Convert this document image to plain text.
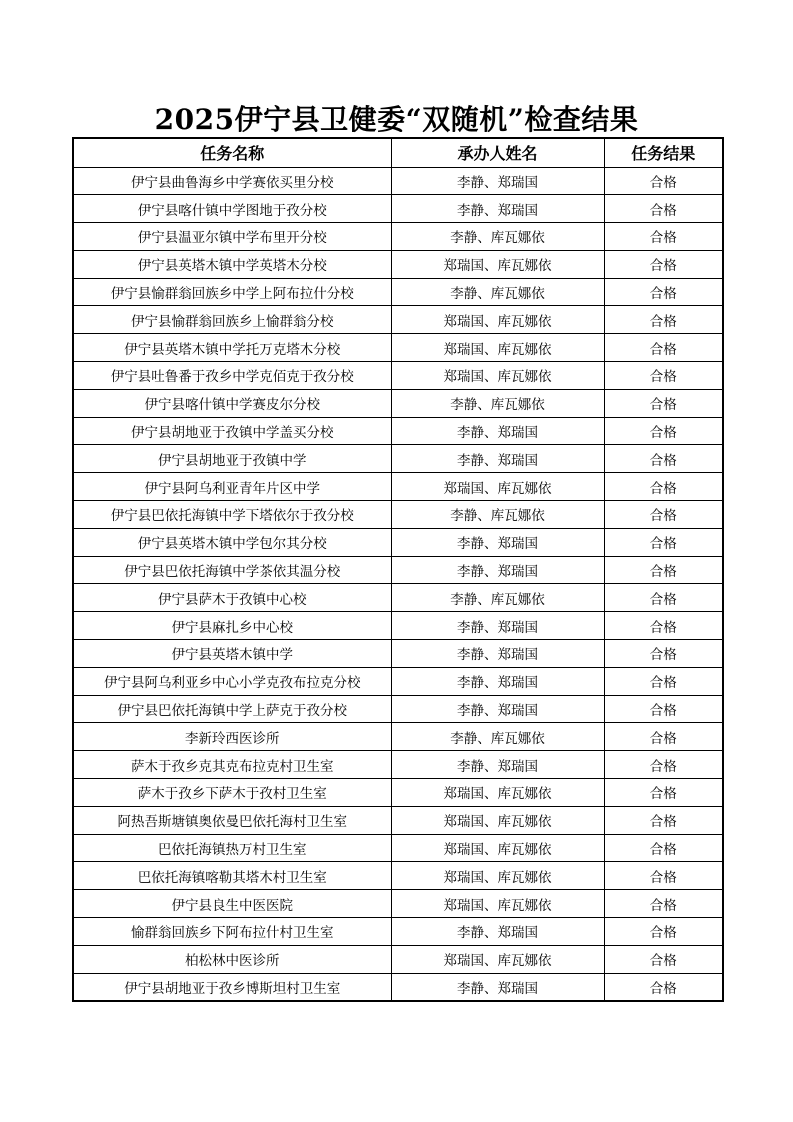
2025伊宁县卫健委“双随机”检查结果
任务名称	承办人姓名	任务结果
伊宁县曲鲁海乡中学赛依买里分校	李静、郑瑞国	合格
伊宁县喀什镇中学图地于孜分校	李静、郑瑞国	合格
伊宁县温亚尔镇中学布里开分校	李静、库瓦娜依	合格
伊宁县英塔木镇中学英塔木分校	郑瑞国、库瓦娜依	合格
伊宁县愉群翁回族乡中学上阿布拉什分校	李静、库瓦娜依	合格
伊宁县愉群翁回族乡上愉群翁分校	郑瑞国、库瓦娜依	合格
伊宁县英塔木镇中学托万克塔木分校	郑瑞国、库瓦娜依	合格
伊宁县吐鲁番于孜乡中学克佰克于孜分校	郑瑞国、库瓦娜依	合格
伊宁县喀什镇中学赛皮尔分校	李静、库瓦娜依	合格
伊宁县胡地亚于孜镇中学盖买分校	李静、郑瑞国	合格
伊宁县胡地亚于孜镇中学	李静、郑瑞国	合格
伊宁县阿乌利亚青年片区中学	郑瑞国、库瓦娜依	合格
伊宁县巴依托海镇中学下塔依尔于孜分校	李静、库瓦娜依	合格
伊宁县英塔木镇中学包尔其分校	李静、郑瑞国	合格
伊宁县巴依托海镇中学茶依其温分校	李静、郑瑞国	合格
伊宁县萨木于孜镇中心校	李静、库瓦娜依	合格
伊宁县麻扎乡中心校	李静、郑瑞国	合格
伊宁县英塔木镇中学	李静、郑瑞国	合格
伊宁县阿乌利亚乡中心小学克孜布拉克分校	李静、郑瑞国	合格
伊宁县巴依托海镇中学上萨克于孜分校	李静、郑瑞国	合格
李新玲西医诊所	李静、库瓦娜依	合格
萨木于孜乡克其克布拉克村卫生室	李静、郑瑞国	合格
萨木于孜乡下萨木于孜村卫生室	郑瑞国、库瓦娜依	合格
阿热吾斯塘镇奥依曼巴依托海村卫生室	郑瑞国、库瓦娜依	合格
巴依托海镇热万村卫生室	郑瑞国、库瓦娜依	合格
巴依托海镇喀勒其塔木村卫生室	郑瑞国、库瓦娜依	合格
伊宁县良生中医医院	郑瑞国、库瓦娜依	合格
愉群翁回族乡下阿布拉什村卫生室	李静、郑瑞国	合格
柏松林中医诊所	郑瑞国、库瓦娜依	合格
伊宁县胡地亚于孜乡博斯坦村卫生室	李静、郑瑞国	合格
